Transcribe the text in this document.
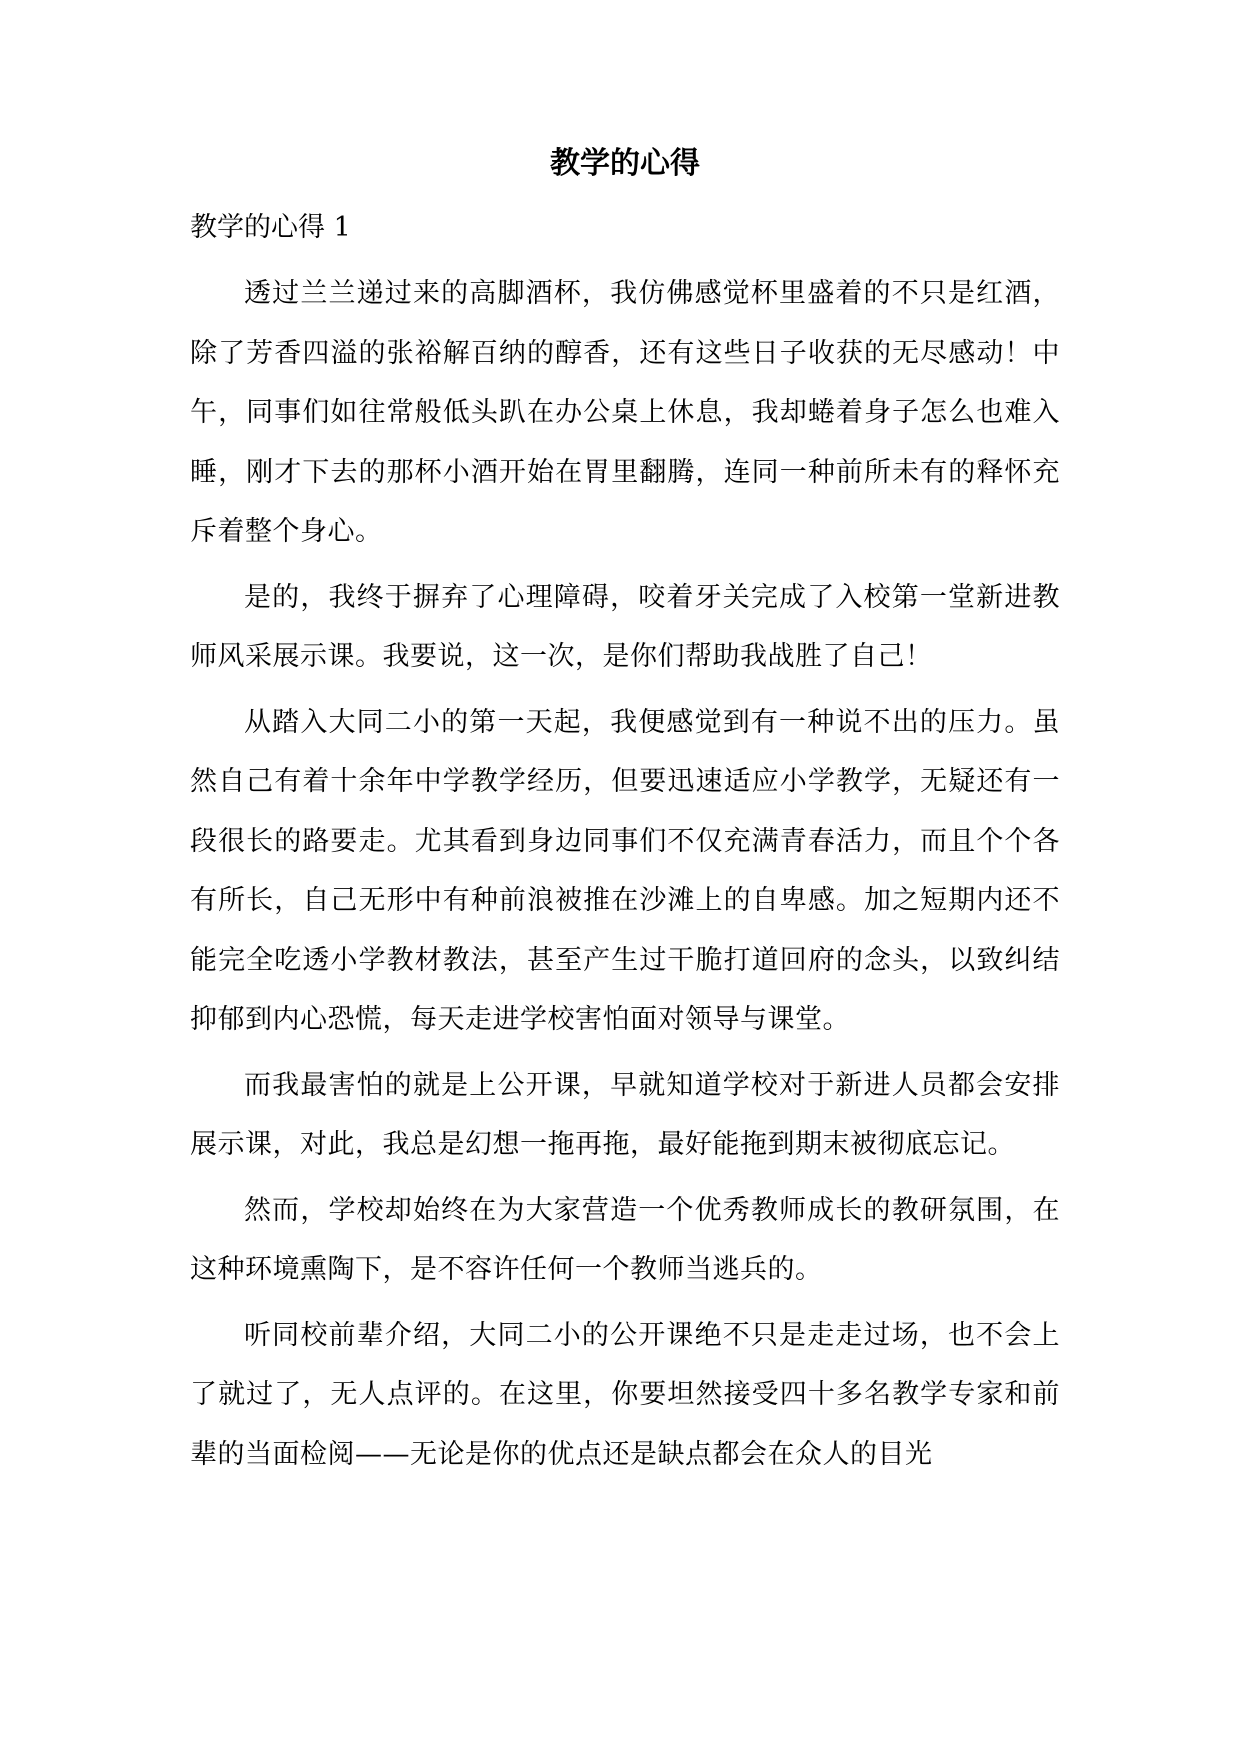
教学的心得
教学的心得 1

透过兰兰递过来的高脚酒杯，我仿佛感觉杯里盛着的不只是红酒，除了芳香四溢的张裕解百纳的醇香，还有这些日子收获的无尽感动！中午，同事们如往常般低头趴在办公桌上休息，我却蜷着身子怎么也难入睡，刚才下去的那杯小酒开始在胃里翻腾，连同一种前所未有的释怀充斥着整个身心。

是的，我终于摒弃了心理障碍，咬着牙关完成了入校第一堂新进教师风采展示课。我要说，这一次，是你们帮助我战胜了自己！

从踏入大同二小的第一天起，我便感觉到有一种说不出的压力。虽然自己有着十余年中学教学经历，但要迅速适应小学教学，无疑还有一段很长的路要走。尤其看到身边同事们不仅充满青春活力，而且个个各有所长，自己无形中有种前浪被推在沙滩上的自卑感。加之短期内还不能完全吃透小学教材教法，甚至产生过干脆打道回府的念头，以致纠结抑郁到内心恐慌，每天走进学校害怕面对领导与课堂。

而我最害怕的就是上公开课，早就知道学校对于新进人员都会安排展示课，对此，我总是幻想一拖再拖，最好能拖到期末被彻底忘记。

然而，学校却始终在为大家营造一个优秀教师成长的教研氛围，在这种环境熏陶下，是不容许任何一个教师当逃兵的。

听同校前辈介绍，大同二小的公开课绝不只是走走过场，也不会上了就过了，无人点评的。在这里，你要坦然接受四十多名教学专家和前辈的当面检阅——无论是你的优点还是缺点都会在众人的目光
